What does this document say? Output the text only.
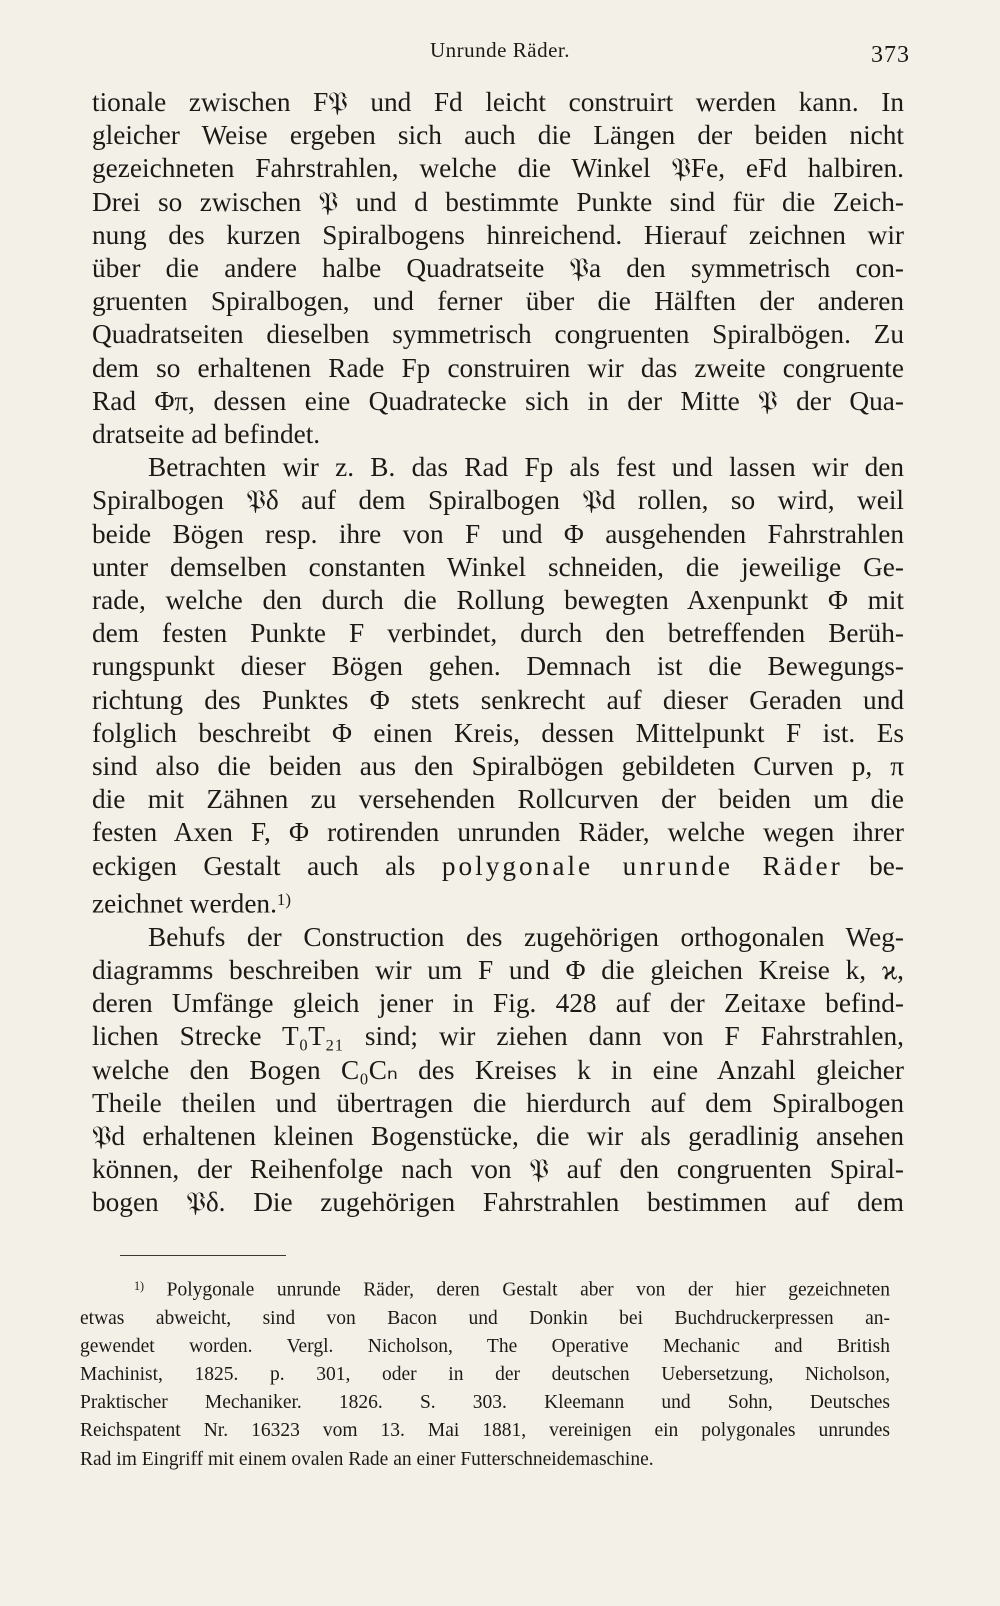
Unrunde Räder.	373
tionale zwischen F𝔓 und Fd leicht construirt werden kann. In
gleicher Weise ergeben sich auch die Längen der beiden nicht
gezeichneten Fahrstrahlen, welche die Winkel 𝔓Fe, eFd halbiren.
Drei so zwischen 𝔓 und d bestimmte Punkte sind für die Zeich-
nung des kurzen Spiralbogens hinreichend. Hierauf zeichnen wir
über die andere halbe Quadratseite 𝔓a den symmetrisch con-
gruenten Spiralbogen, und ferner über die Hälften der anderen
Quadratseiten dieselben symmetrisch congruenten Spiralbögen. Zu
dem so erhaltenen Rade Fp construiren wir das zweite congruente
Rad Φπ, dessen eine Quadratecke sich in der Mitte 𝔓 der Qua-
dratseite ad befindet.
Betrachten wir z. B. das Rad Fp als fest und lassen wir den
Spiralbogen 𝔓δ auf dem Spiralbogen 𝔓d rollen, so wird, weil
beide Bögen resp. ihre von F und Φ ausgehenden Fahrstrahlen
unter demselben constanten Winkel schneiden, die jeweilige Ge-
rade, welche den durch die Rollung bewegten Axenpunkt Φ mit
dem festen Punkte F verbindet, durch den betreffenden Berüh-
rungspunkt dieser Bögen gehen. Demnach ist die Bewegungs-
richtung des Punktes Φ stets senkrecht auf dieser Geraden und
folglich beschreibt Φ einen Kreis, dessen Mittelpunkt F ist. Es
sind also die beiden aus den Spiralbögen gebildeten Curven p, π
die mit Zähnen zu versehenden Rollcurven der beiden um die
festen Axen F, Φ rotirenden unrunden Räder, welche wegen ihrer
eckigen Gestalt auch als polygonale unrunde Räder be-
zeichnet werden.$^{1)}$
Behufs der Construction des zugehörigen orthogonalen Weg-
diagramms beschreiben wir um F und Φ die gleichen Kreise k, ϰ,
deren Umfänge gleich jener in Fig. 428 auf der Zeitaxe befind-
lichen Strecke T₀T₂₁ sind; wir ziehen dann von F Fahrstrahlen,
welche den Bogen C₀Cₙ des Kreises k in eine Anzahl gleicher
Theile theilen und übertragen die hierdurch auf dem Spiralbogen
𝔓d erhaltenen kleinen Bogenstücke, die wir als geradlinig ansehen
können, der Reihenfolge nach von 𝔓 auf den congruenten Spiral-
bogen 𝔓δ. Die zugehörigen Fahrstrahlen bestimmen auf dem
$^{1)}$ Polygonale unrunde Räder, deren Gestalt aber von der hier gezeichneten
etwas abweicht, sind von Bacon und Donkin bei Buchdruckerpressen an-
gewendet worden. Vergl. Nicholson, The Operative Mechanic and British
Machinist, 1825. p. 301, oder in der deutschen Uebersetzung, Nicholson,
Praktischer Mechaniker. 1826. S. 303. Kleemann und Sohn, Deutsches
Reichspatent Nr. 16323 vom 13. Mai 1881, vereinigen ein polygonales unrundes
Rad im Eingriff mit einem ovalen Rade an einer Futterschneidemaschine.
